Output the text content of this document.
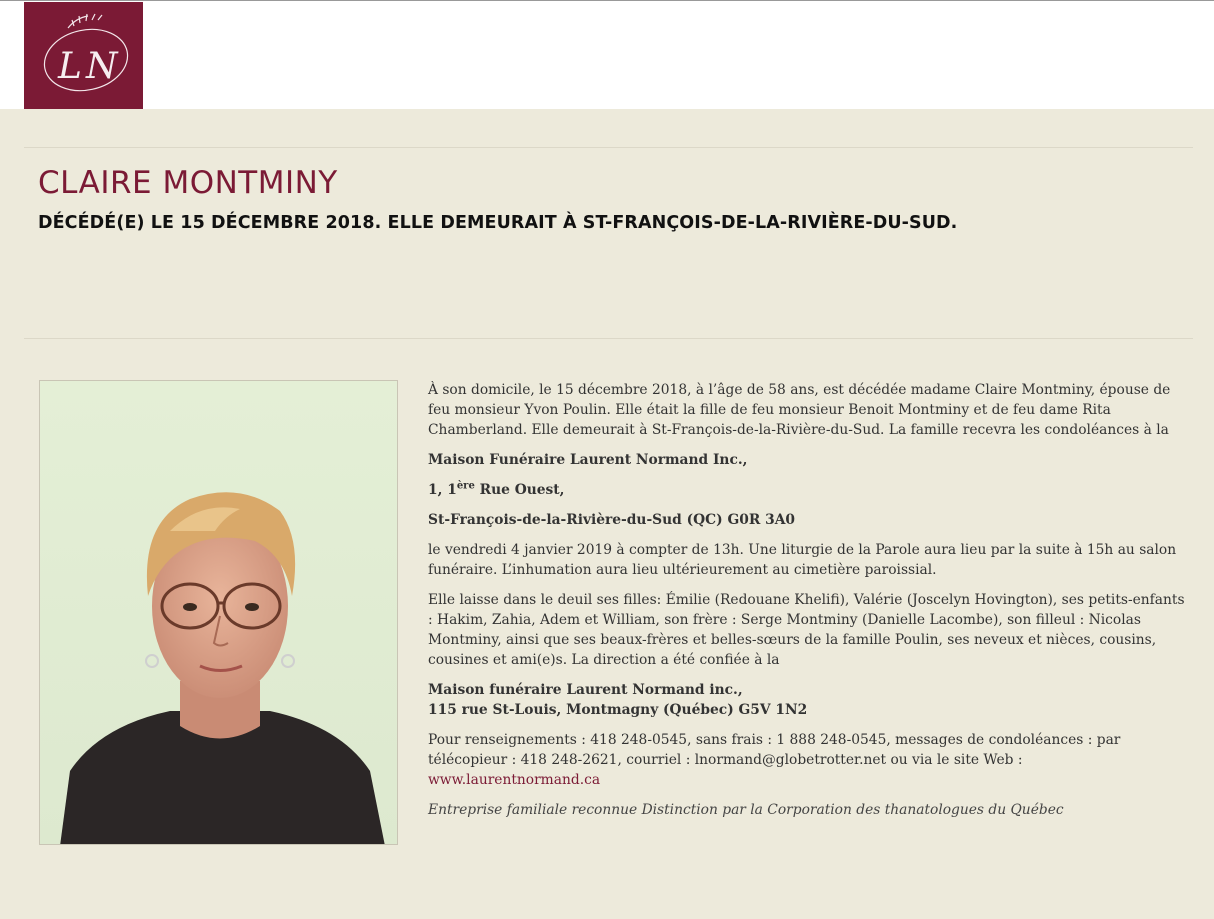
L N
CLAIRE MONTMINY
DÉCÉDÉ(E) LE 15 DÉCEMBRE 2018. ELLE DEMEURAIT À ST-FRANÇOIS-DE-LA-RIVIÈRE-DU-SUD.

À son domicile, le 15 décembre 2018, à l’âge de 58 ans, est décédée madame Claire Montminy, épouse de feu monsieur Yvon Poulin. Elle était la fille de feu monsieur Benoit Montminy et de feu dame Rita Chamberland. Elle demeurait à St-François-de-la-Rivière-du-Sud. La famille recevra les condoléances à la

Maison Funéraire Laurent Normand Inc.,

1, 1ère Rue Ouest,

St-François-de-la-Rivière-du-Sud (QC) G0R 3A0

le vendredi 4 janvier 2019 à compter de 13h. Une liturgie de la Parole aura lieu par la suite à 15h au salon funéraire. L’inhumation aura lieu ultérieurement au cimetière paroissial.

Elle laisse dans le deuil ses filles: Émilie (Redouane Khelifi), Valérie (Joscelyn Hovington), ses petits-enfants : Hakim, Zahia, Adem et William, son frère : Serge Montminy (Danielle Lacombe), son filleul : Nicolas Montminy, ainsi que ses beaux-frères et belles-sœurs de la famille Poulin, ses neveux et nièces, cousins, cousines et ami(e)s. La direction a été confiée à la

Maison funéraire Laurent Normand inc.,
115 rue St-Louis, Montmagny (Québec) G5V 1N2

Pour renseignements : 418 248-0545, sans frais : 1 888 248-0545, messages de condoléances : par télécopieur : 418 248-2621, courriel : lnormand@globetrotter.net ou via le site Web :
www.laurentnormand.ca

Entreprise familiale reconnue Distinction par la Corporation des thanatologues du Québec
